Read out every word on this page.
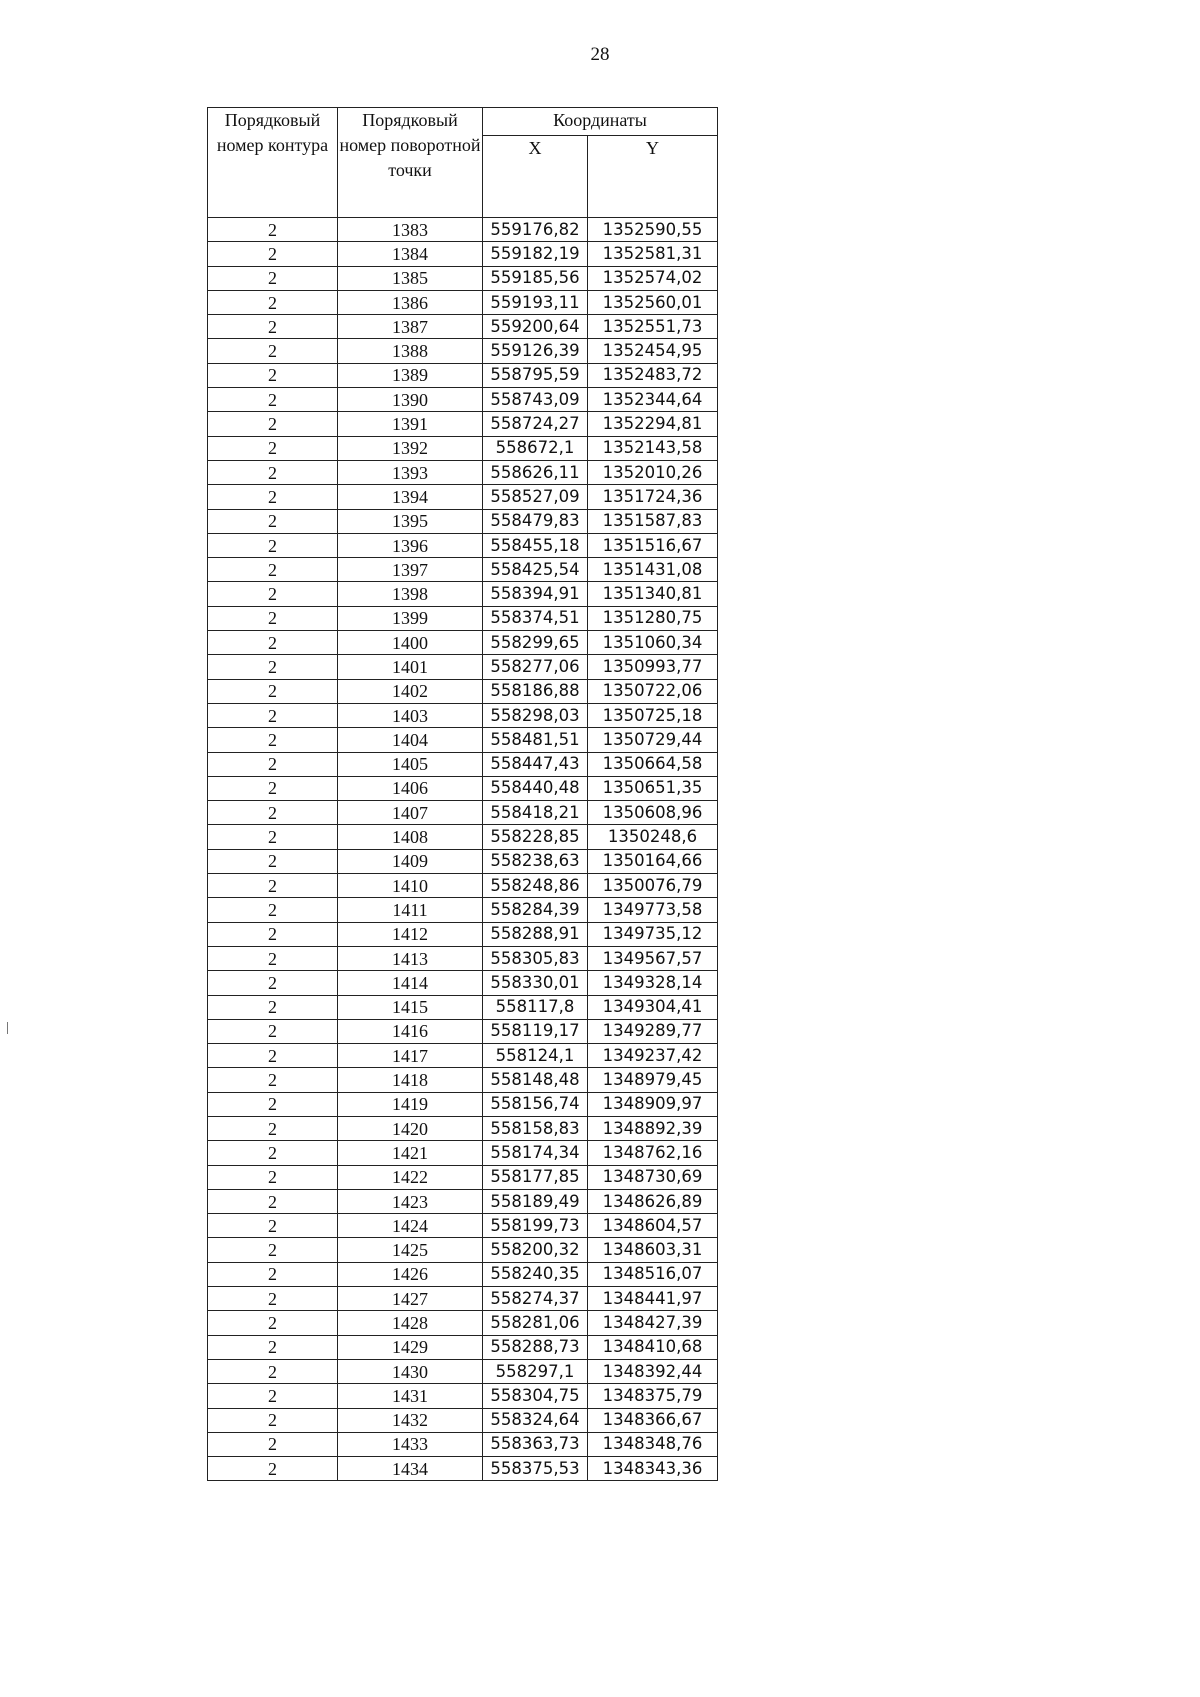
28
Порядковый номер контура	Порядковый номер поворотной точки	Координаты	
		X	Y
2	1383	559176,82	1352590,55
2	1384	559182,19	1352581,31
2	1385	559185,56	1352574,02
2	1386	559193,11	1352560,01
2	1387	559200,64	1352551,73
2	1388	559126,39	1352454,95
2	1389	558795,59	1352483,72
2	1390	558743,09	1352344,64
2	1391	558724,27	1352294,81
2	1392	558672,1	1352143,58
2	1393	558626,11	1352010,26
2	1394	558527,09	1351724,36
2	1395	558479,83	1351587,83
2	1396	558455,18	1351516,67
2	1397	558425,54	1351431,08
2	1398	558394,91	1351340,81
2	1399	558374,51	1351280,75
2	1400	558299,65	1351060,34
2	1401	558277,06	1350993,77
2	1402	558186,88	1350722,06
2	1403	558298,03	1350725,18
2	1404	558481,51	1350729,44
2	1405	558447,43	1350664,58
2	1406	558440,48	1350651,35
2	1407	558418,21	1350608,96
2	1408	558228,85	1350248,6
2	1409	558238,63	1350164,66
2	1410	558248,86	1350076,79
2	1411	558284,39	1349773,58
2	1412	558288,91	1349735,12
2	1413	558305,83	1349567,57
2	1414	558330,01	1349328,14
2	1415	558117,8	1349304,41
2	1416	558119,17	1349289,77
2	1417	558124,1	1349237,42
2	1418	558148,48	1348979,45
2	1419	558156,74	1348909,97
2	1420	558158,83	1348892,39
2	1421	558174,34	1348762,16
2	1422	558177,85	1348730,69
2	1423	558189,49	1348626,89
2	1424	558199,73	1348604,57
2	1425	558200,32	1348603,31
2	1426	558240,35	1348516,07
2	1427	558274,37	1348441,97
2	1428	558281,06	1348427,39
2	1429	558288,73	1348410,68
2	1430	558297,1	1348392,44
2	1431	558304,75	1348375,79
2	1432	558324,64	1348366,67
2	1433	558363,73	1348348,76
2	1434	558375,53	1348343,36
